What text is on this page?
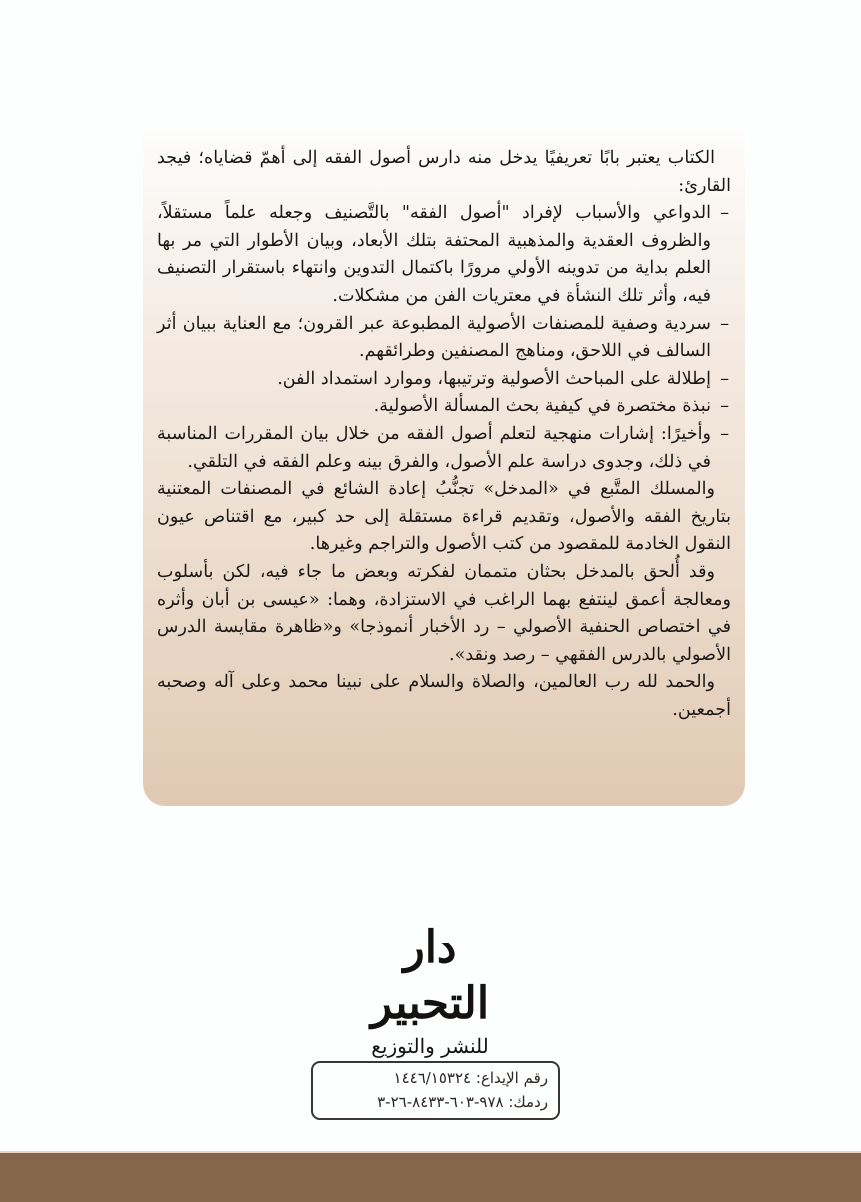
الكتاب يعتبر بابًا تعريفيًا يدخل منه دارس أصول الفقه إلى أهمّ قضاياه؛ فيجد القارئ:

–
الدواعي والأسباب لإفراد "أصول الفقه" بالتَّصنيف وجعله علماً مستقلاً، والظروف العقدية والمذهبية المحتفة بتلك الأبعاد، وبيان الأطوار التي مر بها العلم بداية من تدوينه الأولي مرورًا باكتمال التدوين وانتهاء باستقرار التصنيف فيه، وأثر تلك النشأة في معتريات الفن من مشكلات.
–
سردية وصفية للمصنفات الأصولية المطبوعة عبر القرون؛ مع العناية ببيان أثر السالف في اللاحق، ومناهج المصنفين وطرائقهم.
–
إطلالة على المباحث الأصولية وترتيبها، وموارد استمداد الفن.
–
نبذة مختصرة في كيفية بحث المسألة الأصولية.
–
وأخيرًا: إشارات منهجية لتعلم أصول الفقه من خلال بيان المقررات المناسبة في ذلك، وجدوى دراسة علم الأصول، والفرق بينه وعلم الفقه في التلقي.

والمسلك المتَّبع في «المدخل» تجنُّبُ إعادة الشائع في المصنفات المعتنية بتاريخ الفقه والأصول، وتقديم قراءة مستقلة إلى حد كبير، مع اقتناص عيون النقول الخادمة للمقصود من كتب الأصول والتراجم وغيرها.

وقد أُلحق بالمدخل بحثان متممان لفكرته وبعض ما جاء فيه، لكن بأسلوب ومعالجة أعمق لينتفع بهما الراغب في الاستزادة، وهما: «عيسى بن أبان وأثره في اختصاص الحنفية الأصولي – رد الأخبار أنموذجا» و«ظاهرة مقايسة الدرس الأصولي بالدرس الفقهي – رصد ونقد».

والحمد لله رب العالمين، والصلاة والسلام على نبينا محمد وعلى آله وصحبه أجمعين.

دار التحبير
للنشر والتوزيع
رقم الإيداع: ١٤٤٦/١٥٣٢٤
ردمك: ٩٧٨-٦٠٣-٨٤٣٣-٢٦-٣
